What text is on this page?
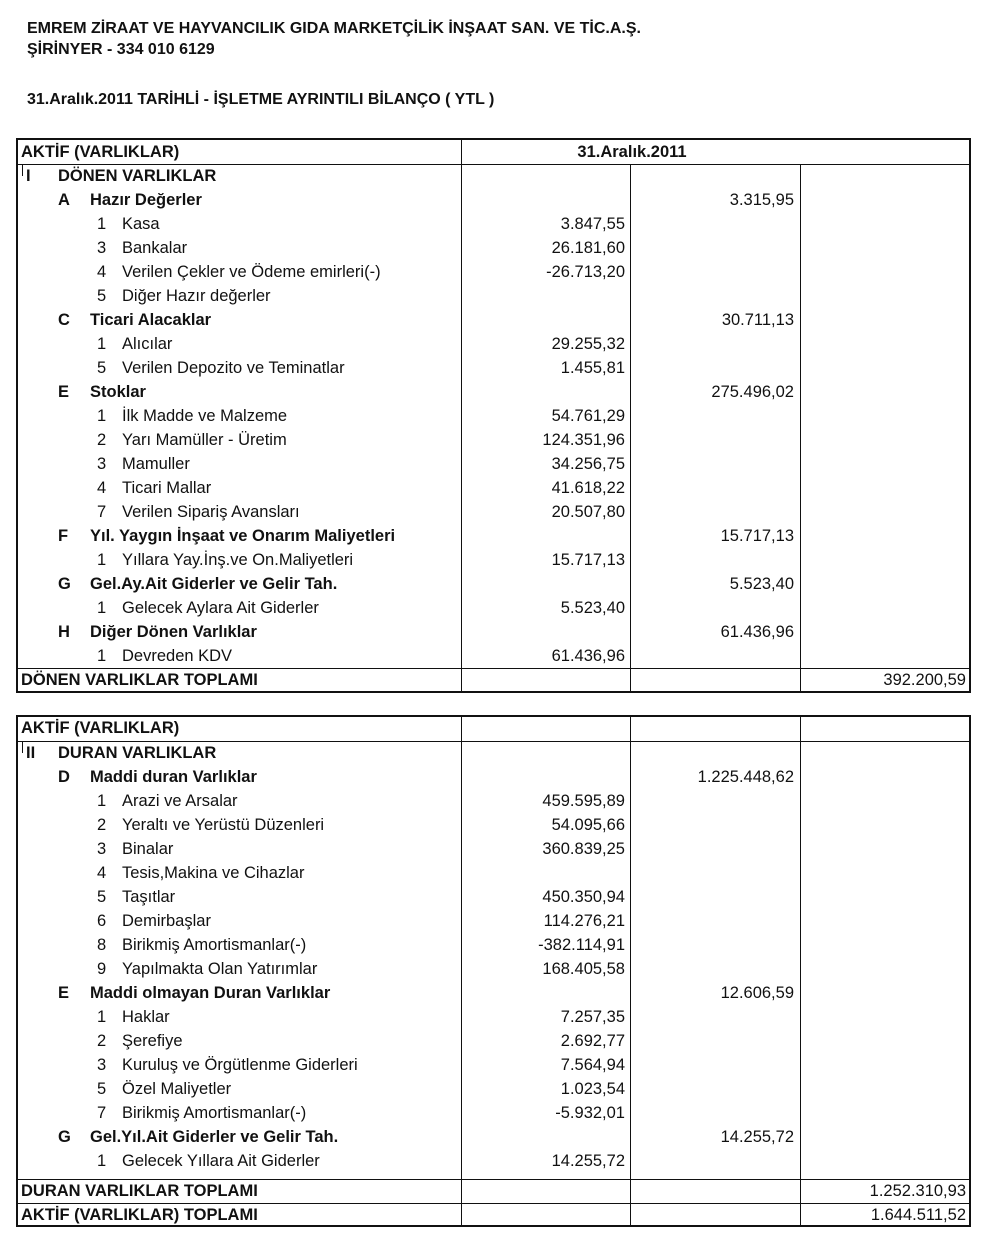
EMREM ZİRAAT VE HAYVANCILIK GIDA MARKETÇİLİK İNŞAAT SAN. VE TİC.A.Ş.
ŞİRİNYER - 334 010 6129
31.Aralık.2011 TARİHLİ - İŞLETME AYRINTILI BİLANÇO ( YTL )
AKTİF (VARLIKLAR)	31.Aralık.2011
I DÖNEN VARLIKLAR
A Hazır Değerler	3.315,95
1 Kasa	3.847,55
3 Bankalar	26.181,60
4 Verilen Çekler ve Ödeme emirleri(-)	-26.713,20
5 Diğer Hazır değerler
C Ticari Alacaklar	30.711,13
1 Alıcılar	29.255,32
5 Verilen Depozito ve Teminatlar	1.455,81
E Stoklar	275.496,02
1 İlk Madde ve Malzeme	54.761,29
2 Yarı Mamüller - Üretim	124.351,96
3 Mamuller	34.256,75
4 Ticari Mallar	41.618,22
7 Verilen Sipariş Avansları	20.507,80
F Yıl. Yaygın İnşaat ve Onarım Maliyetleri	15.717,13
1 Yıllara Yay.İnş.ve On.Maliyetleri	15.717,13
G Gel.Ay.Ait Giderler ve Gelir Tah.	5.523,40
1 Gelecek Aylara Ait Giderler	5.523,40
H Diğer Dönen Varlıklar	61.436,96
1 Devreden KDV	61.436,96
DÖNEN VARLIKLAR TOPLAMI	392.200,59
AKTİF (VARLIKLAR)
II DURAN VARLIKLAR
D Maddi duran Varlıklar	1.225.448,62
1 Arazi ve Arsalar	459.595,89
2 Yeraltı ve Yerüstü Düzenleri	54.095,66
3 Binalar	360.839,25
4 Tesis,Makina ve Cihazlar
5 Taşıtlar	450.350,94
6 Demirbaşlar	114.276,21
8 Birikmiş Amortismanlar(-)	-382.114,91
9 Yapılmakta Olan Yatırımlar	168.405,58
E Maddi olmayan Duran Varlıklar	12.606,59
1 Haklar	7.257,35
2 Şerefiye	2.692,77
3 Kuruluş ve Örgütlenme Giderleri	7.564,94
5 Özel Maliyetler	1.023,54
7 Birikmiş Amortismanlar(-)	-5.932,01
G Gel.Yıl.Ait Giderler ve Gelir Tah.	14.255,72
1 Gelecek Yıllara Ait Giderler	14.255,72
DURAN VARLIKLAR TOPLAMI	1.252.310,93
AKTİF (VARLIKLAR) TOPLAMI	1.644.511,52
